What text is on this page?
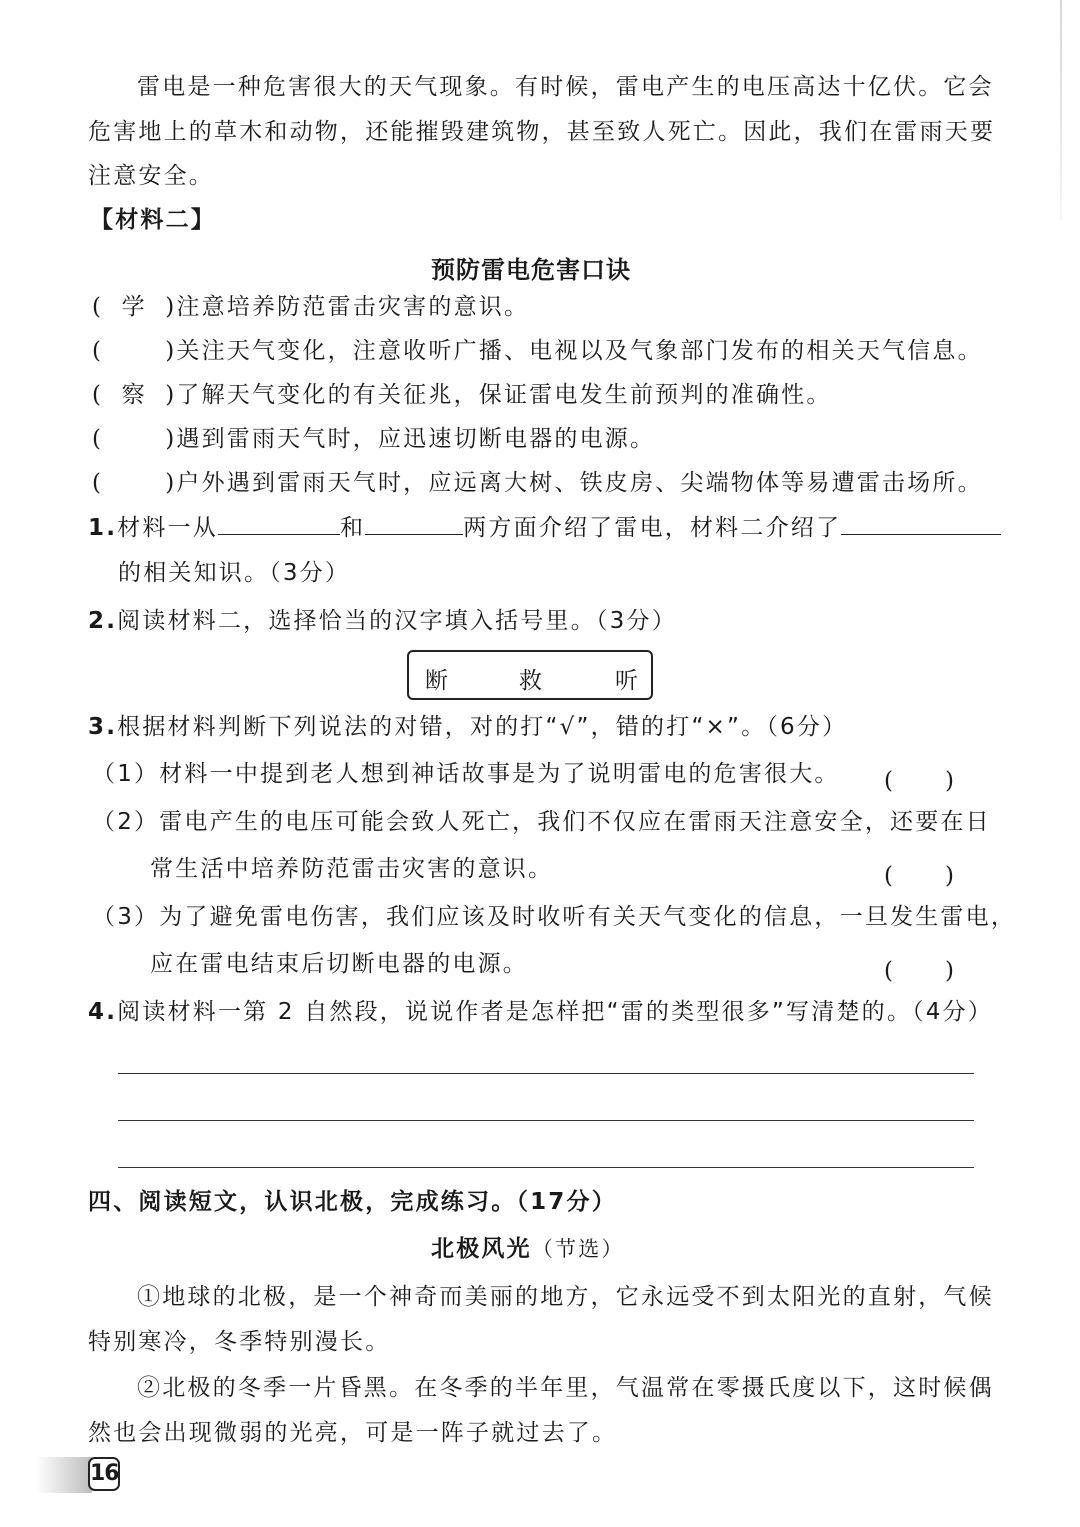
雷电是一种危害很大的天气现象。有时候，雷电产生的电压高达十亿伏。它会
危害地上的草木和动物，还能摧毁建筑物，甚至致人死亡。因此，我们在雷雨天要
注意安全。
【材料二】
预防雷电危害口诀
( 学 )注意培养防范雷击灾害的意识。
(	)关注天气变化，注意收听广播、电视以及气象部门发布的相关天气信息。
( 察 )了解天气变化的有关征兆，保证雷电发生前预判的准确性。
(	)遇到雷雨天气时，应迅速切断电器的电源。
(	)户外遇到雷雨天气时，应远离大树、铁皮房、尖端物体等易遭雷击场所。
1.材料一从	和	两方面介绍了雷电，材料二介绍了
的相关知识。（3分）
2.阅读材料二，选择恰当的汉字填入括号里。（3分）
断	救	听
3.根据材料判断下列说法的对错，对的打“√”，错的打“×”。（6分）
（1）材料一中提到老人想到神话故事是为了说明雷电的危害很大。 (　　)
（2）雷电产生的电压可能会致人死亡，我们不仅应在雷雨天注意安全，还要在日
常生活中培养防范雷击灾害的意识。	(　　)
（3）为了避免雷电伤害，我们应该及时收听有关天气变化的信息，一旦发生雷电，
应在雷电结束后切断电器的电源。	(　　)
4.阅读材料一第 2 自然段，说说作者是怎样把“雷的类型很多”写清楚的。（4分）
四、阅读短文，认识北极，完成练习。（17分）
北极风光（节选）
①地球的北极，是一个神奇而美丽的地方，它永远受不到太阳光的直射，气候
特别寒冷，冬季特别漫长。
②北极的冬季一片昏黑。在冬季的半年里，气温常在零摄氏度以下，这时候偶
然也会出现微弱的光亮，可是一阵子就过去了。
16
